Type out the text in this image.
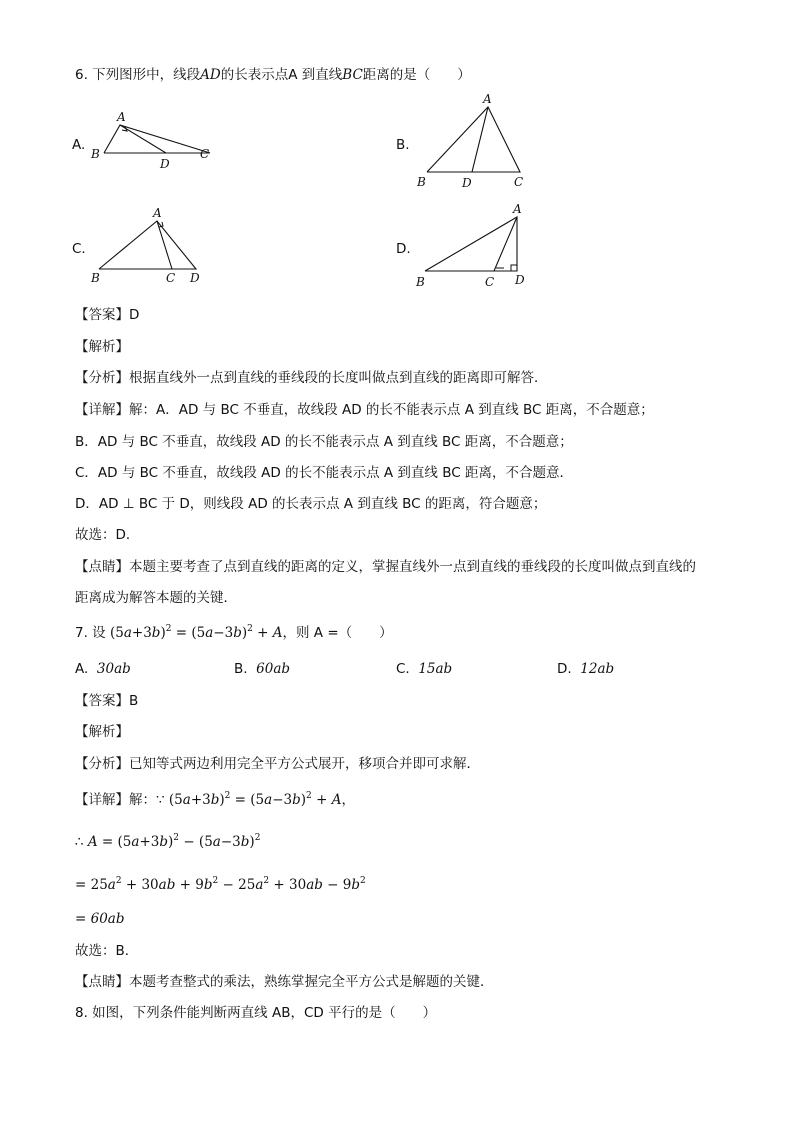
6. 下列图形中，线段AD的长表示点A 到直线BC距离的是（　　）
A.	B.
C.	D.
A
B
D
C
A
B	D	C
A
B	C D
A
B	C D
【答案】D
【解析】
【分析】根据直线外一点到直线的垂线段的长度叫做点到直线的距离即可解答．
【详解】解：A．AD 与 BC 不垂直，故线段 AD 的长不能表示点 A 到直线 BC 距离，不合题意；
B．AD 与 BC 不垂直，故线段 AD 的长不能表示点 A 到直线 BC 距离，不合题意；
C．AD 与 BC 不垂直，故线段 AD 的长不能表示点 A 到直线 BC 距离，不合题意．
D．AD ⊥ BC 于 D，则线段 AD 的长表示点 A 到直线 BC 的距离，符合题意；
故选：D．
【点睛】本题主要考查了点到直线的距离的定义，掌握直线外一点到直线的垂线段的长度叫做点到直线的
距离成为解答本题的关键．
7. 设 $(5a+3b)^2 = (5a-3b)^2 + A$，则 A =（　　）
A. 30ab	B. 60ab	C. 15ab	D. 12ab
【答案】B
【解析】
【分析】已知等式两边利用完全平方公式展开，移项合并即可求解．
【详解】解：∵ $(5a+3b)^2 = (5a-3b)^2 + A$，
∴ $A = (5a+3b)^2 - (5a-3b)^2$
= $25a^2 + 30ab + 9b^2 - 25a^2 + 30ab - 9b^2$
= 60ab
故选：B．
【点睛】本题考查整式的乘法，熟练掌握完全平方公式是解题的关键．
8. 如图，下列条件能判断两直线 AB，CD 平行的是（　　）
